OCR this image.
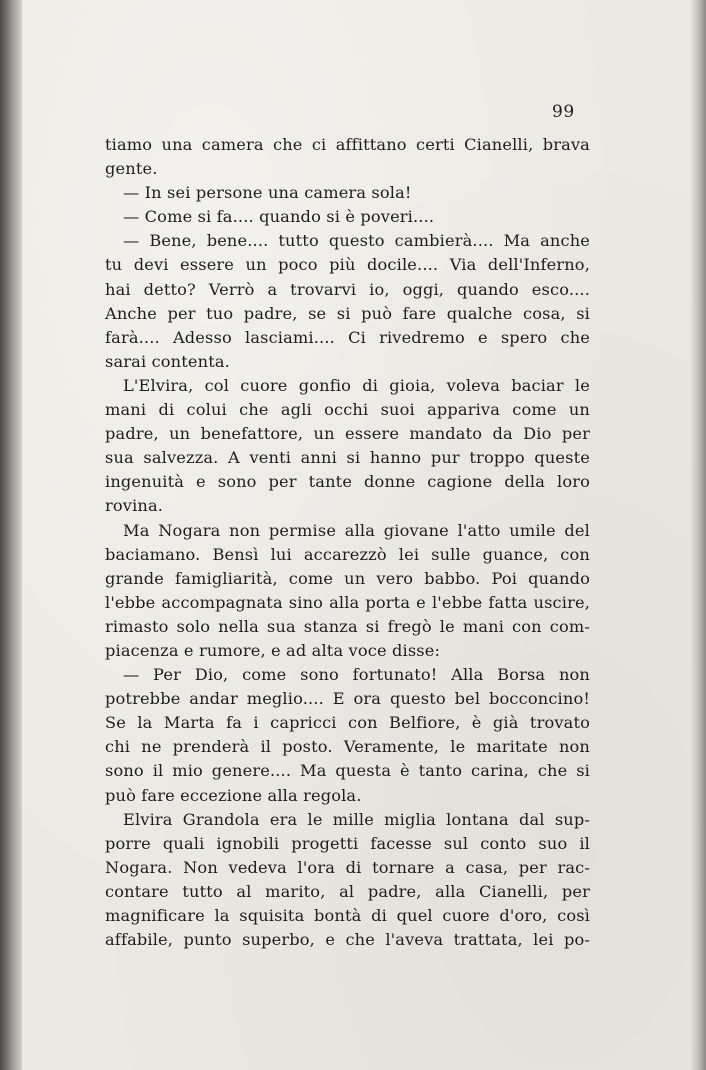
99
tiamo una camera che ci affittano certi Cianelli, brava
gente.
— In sei persone una camera sola!
— Come si fa.... quando si è poveri....
— Bene, bene.... tutto questo cambierà.... Ma anche
tu devi essere un poco più docile.... Via dell'Inferno,
hai detto? Verrò a trovarvi io, oggi, quando esco....
Anche per tuo padre, se si può fare qualche cosa, si
farà.... Adesso lasciami.... Ci rivedremo e spero che
sarai contenta.
L'Elvira, col cuore gonfio di gioia, voleva baciar le
mani di colui che agli occhi suoi appariva come un
padre, un benefattore, un essere mandato da Dio per
sua salvezza. A venti anni si hanno pur troppo queste
ingenuità e sono per tante donne cagione della loro
rovina.
Ma Nogara non permise alla giovane l'atto umile del
baciamano. Bensì lui accarezzò lei sulle guance, con
grande famigliarità, come un vero babbo. Poi quando
l'ebbe accompagnata sino alla porta e l'ebbe fatta uscire,
rimasto solo nella sua stanza si fregò le mani con com-
piacenza e rumore, e ad alta voce disse:
— Per Dio, come sono fortunato! Alla Borsa non
potrebbe andar meglio.... E ora questo bel bocconcino!
Se la Marta fa i capricci con Belfiore, è già trovato
chi ne prenderà il posto. Veramente, le maritate non
sono il mio genere.... Ma questa è tanto carina, che si
può fare eccezione alla regola.
Elvira Grandola era le mille miglia lontana dal sup-
porre quali ignobili progetti facesse sul conto suo il
Nogara. Non vedeva l'ora di tornare a casa, per rac-
contare tutto al marito, al padre, alla Cianelli, per
magnificare la squisita bontà di quel cuore d'oro, così
affabile, punto superbo, e che l'aveva trattata, lei po-
